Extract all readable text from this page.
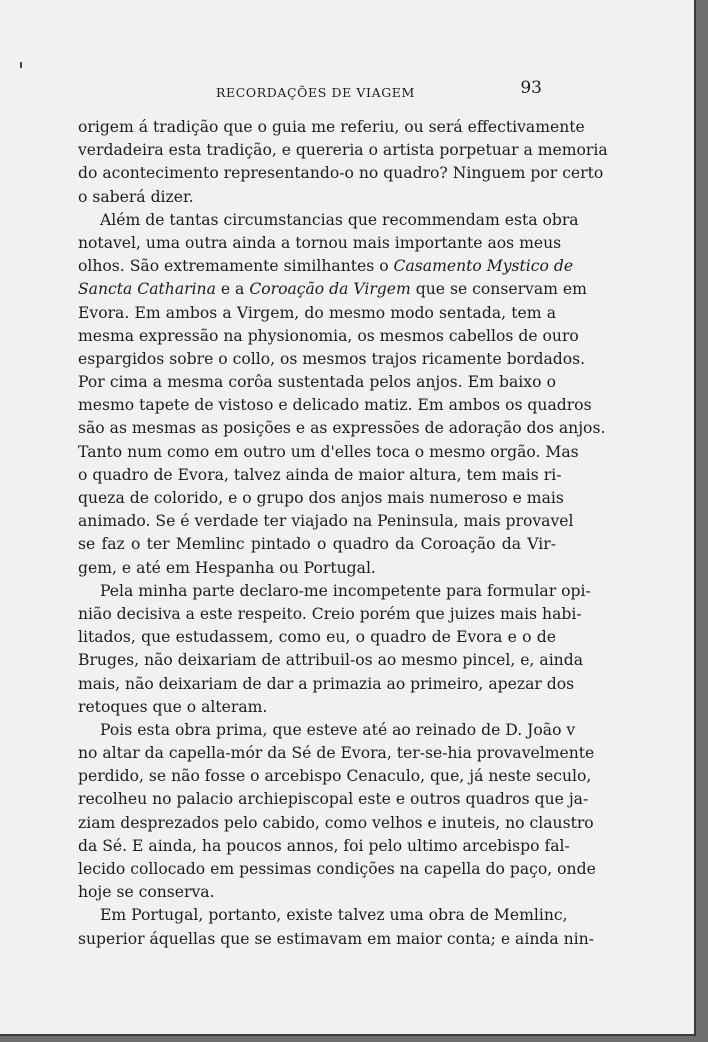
RECORDAÇÕES DE VIAGEM	93
origem á tradição que o guia me referiu, ou será effectivamente
verdadeira esta tradição, e quereria o artista porpetuar a memoria
do acontecimento representando-o no quadro? Ninguem por certo
o saberá dizer.
Além de tantas circumstancias que recommendam esta obra
notavel, uma outra ainda a tornou mais importante aos meus
olhos. São extremamente similhantes o Casamento Mystico de
Sancta Catharina e a Coroação da Virgem que se conservam em
Evora. Em ambos a Virgem, do mesmo modo sentada, tem a
mesma expressão na physionomia, os mesmos cabellos de ouro
espargidos sobre o collo, os mesmos trajos ricamente bordados.
Por cima a mesma corôa sustentada pelos anjos. Em baixo o
mesmo tapete de vistoso e delicado matiz. Em ambos os quadros
são as mesmas as posições e as expressões de adoração dos anjos.
Tanto num como em outro um d'elles toca o mesmo orgão. Mas
o quadro de Evora, talvez ainda de maior altura, tem mais ri-
queza de colorido, e o grupo dos anjos mais numeroso e mais
animado. Se é verdade ter viajado na Peninsula, mais provavel
se faz o ter Memlinc pintado o quadro da Coroação da Vir-
gem, e até em Hespanha ou Portugal.
Pela minha parte declaro-me incompetente para formular opi-
nião decisiva a este respeito. Creio porém que juizes mais habi-
litados, que estudassem, como eu, o quadro de Evora e o de
Bruges, não deixariam de attribuil-os ao mesmo pincel, e, ainda
mais, não deixariam de dar a primazia ao primeiro, apezar dos
retoques que o alteram.
Pois esta obra prima, que esteve até ao reinado de D. João v
no altar da capella-mór da Sé de Evora, ter-se-hia provavelmente
perdido, se não fosse o arcebispo Cenaculo, que, já neste seculo,
recolheu no palacio archiepiscopal este e outros quadros que ja-
ziam desprezados pelo cabido, como velhos e inuteis, no claustro
da Sé. E ainda, ha poucos annos, foi pelo ultimo arcebispo fal-
lecido collocado em pessimas condições na capella do paço, onde
hoje se conserva.
Em Portugal, portanto, existe talvez uma obra de Memlinc,
superior áquellas que se estimavam em maior conta; e ainda nin-
